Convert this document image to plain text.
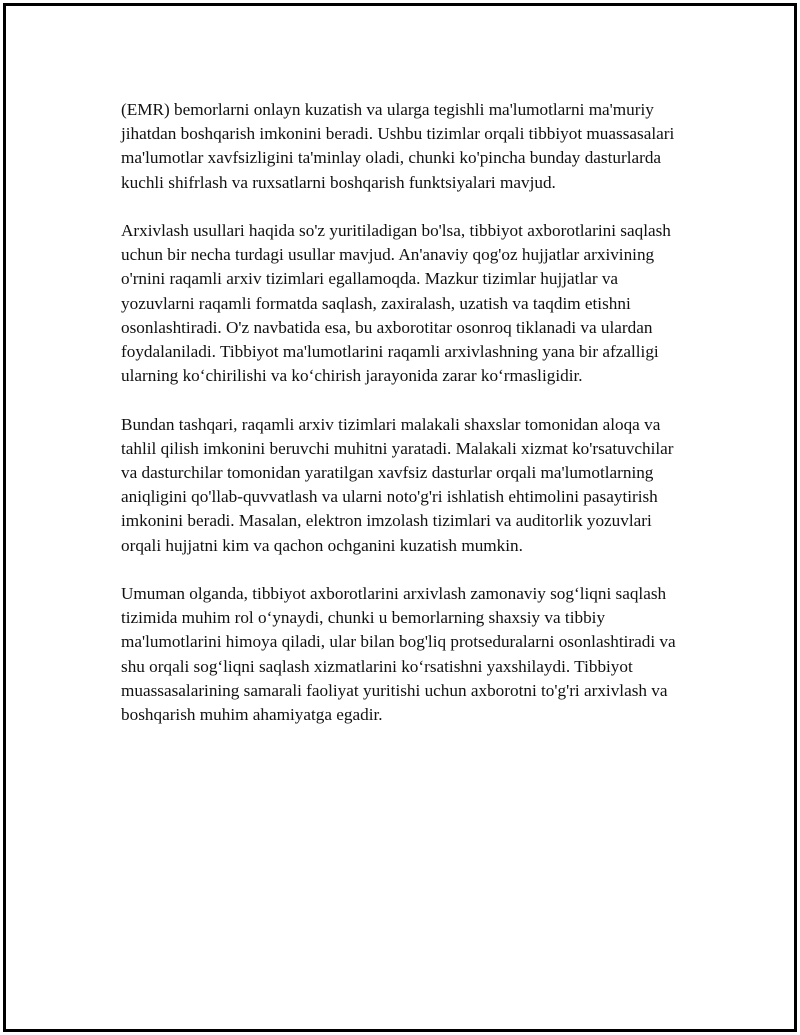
(EMR) bemorlarni onlayn kuzatish va ularga tegishli ma'lumotlarni ma'muriy jihatdan boshqarish imkonini beradi. Ushbu tizimlar orqali tibbiyot muassasalari ma'lumotlar xavfsizligini ta'minlay oladi, chunki ko'pincha bunday dasturlarda kuchli shifrlash va ruxsatlarni boshqarish funktsiyalari mavjud.

Arxivlash usullari haqida so'z yuritiladigan bo'lsa, tibbiyot axborotlarini saqlash uchun bir necha turdagi usullar mavjud. An'anaviy qog'oz hujjatlar arxivining o'rnini raqamli arxiv tizimlari egallamoqda. Mazkur tizimlar hujjatlar va yozuvlarni raqamli formatda saqlash, zaxiralash, uzatish va taqdim etishni osonlashtiradi. O'z navbatida esa, bu axborotitar osonroq tiklanadi va ulardan foydalaniladi. Tibbiyot ma'lumotlarini raqamli arxivlashning yana bir afzalligi ularning ko‘chirilishi va ko‘chirish jarayonida zarar ko‘rmasligidir.

Bundan tashqari, raqamli arxiv tizimlari malakali shaxslar tomonidan aloqa va tahlil qilish imkonini beruvchi muhitni yaratadi. Malakali xizmat ko'rsatuvchilar va dasturchilar tomonidan yaratilgan xavfsiz dasturlar orqali ma'lumotlarning aniqligini qo'llab-quvvatlash va ularni noto'g'ri ishlatish ehtimolini pasaytirish imkonini beradi. Masalan, elektron imzolash tizimlari va auditorlik yozuvlari orqali hujjatni kim va qachon ochganini kuzatish mumkin.

Umuman olganda, tibbiyot axborotlarini arxivlash zamonaviy sog‘liqni saqlash tizimida muhim rol o‘ynaydi, chunki u bemorlarning shaxsiy va tibbiy ma'lumotlarini himoya qiladi, ular bilan bog'liq protseduralarni osonlashtiradi va shu orqali sog‘liqni saqlash xizmatlarini ko‘rsatishni yaxshilaydi. Tibbiyot muassasalarining samarali faoliyat yuritishi uchun axborotni to'g'ri arxivlash va boshqarish muhim ahamiyatga egadir.
